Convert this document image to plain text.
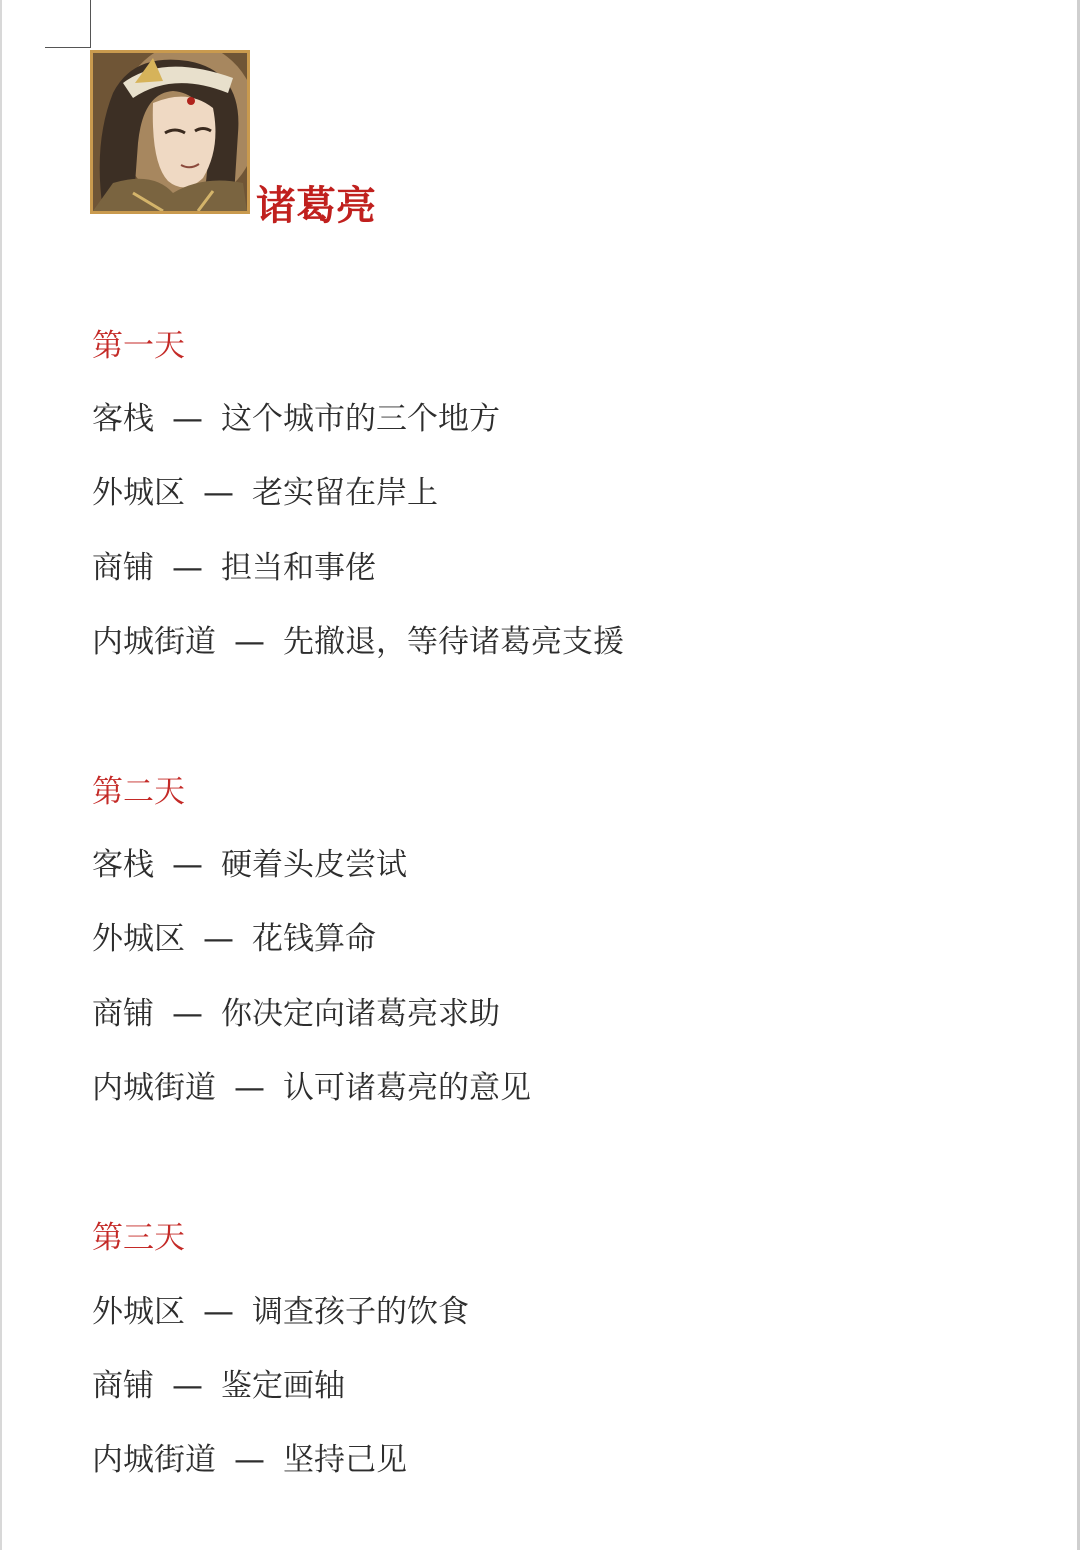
诸葛亮
第一天
客栈 — 这个城市的三个地方
外城区 — 老实留在岸上
商铺 — 担当和事佬
内城街道 — 先撤退，等待诸葛亮支援
第二天
客栈 — 硬着头皮尝试
外城区 — 花钱算命
商铺 — 你决定向诸葛亮求助
内城街道 — 认可诸葛亮的意见
第三天
外城区 — 调查孩子的饮食
商铺 — 鉴定画轴
内城街道 — 坚持己见
